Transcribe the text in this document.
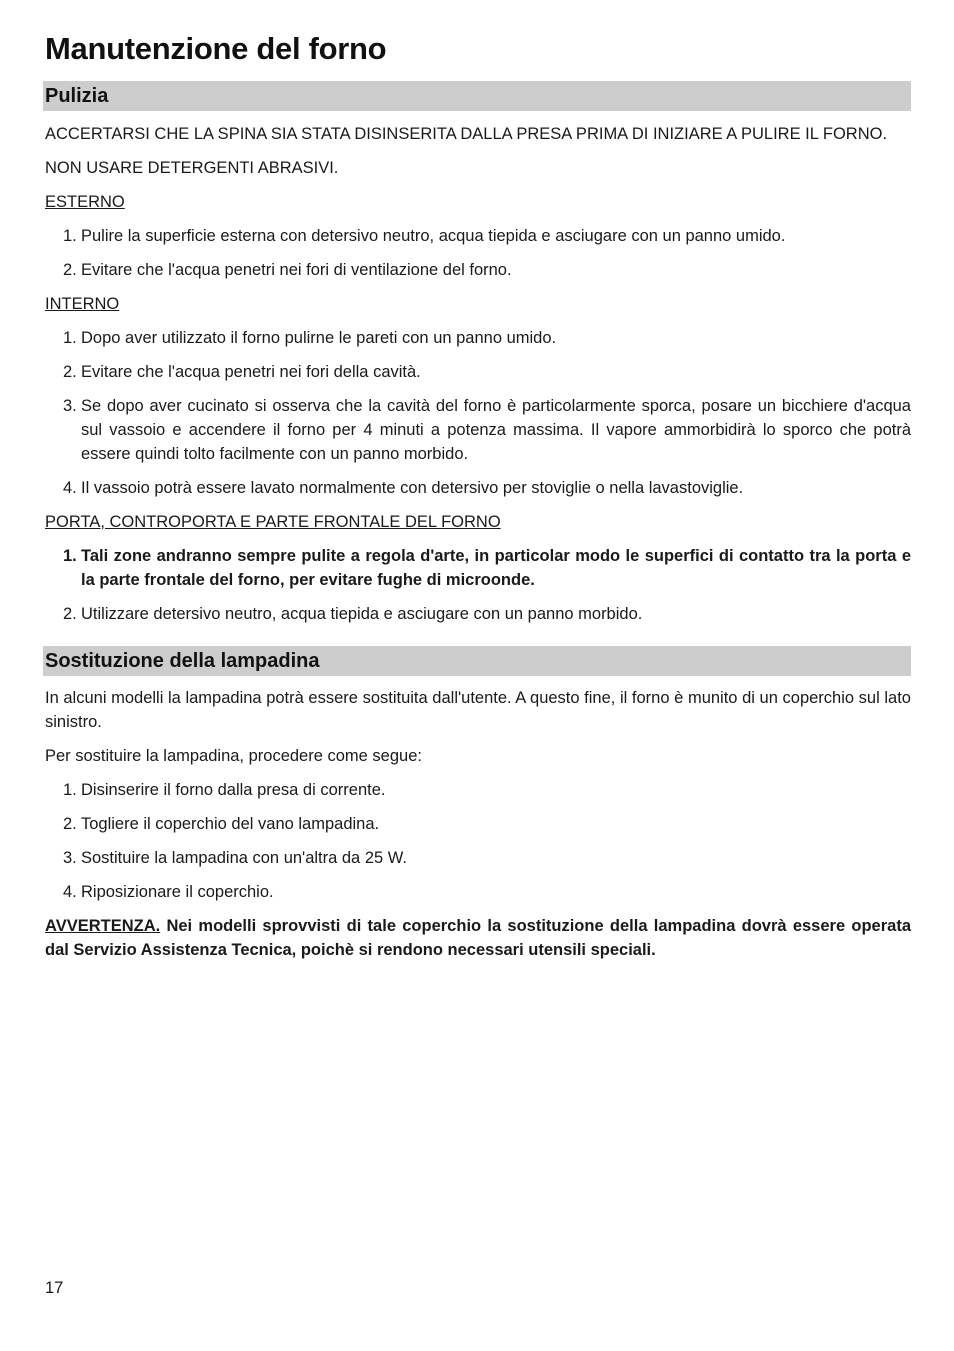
Manutenzione del forno
Pulizia

ACCERTARSI CHE LA SPINA SIA STATA DISINSERITA DALLA PRESA PRIMA DI INIZIARE A PULIRE IL FORNO.

NON USARE DETERGENTI ABRASIVI.

ESTERNO

1. Pulire la superficie esterna con detersivo neutro, acqua tiepida e asciugare con un panno umido.
2. Evitare che l'acqua penetri nei fori di ventilazione del forno.

INTERNO

1. Dopo aver utilizzato il forno pulirne le pareti con un panno umido.
2. Evitare che l'acqua penetri nei fori della cavità.
3. Se dopo aver cucinato si osserva che la cavità del forno è particolarmente sporca, posare un bicchiere d'acqua sul vassoio e accendere il forno per 4 minuti a potenza massima. Il vapore ammorbidirà lo sporco che potrà essere quindi tolto facilmente con un panno morbido.
4. Il vassoio potrà essere lavato normalmente con detersivo per stoviglie o nella lavastoviglie.

PORTA, CONTROPORTA E PARTE FRONTALE DEL FORNO

1. Tali zone andranno sempre pulite a regola d'arte, in particolar modo le superfici di contatto tra la porta e la parte frontale del forno, per evitare fughe di microonde.
2. Utilizzare detersivo neutro, acqua tiepida e asciugare con un panno morbido.
Sostituzione della lampadina

In alcuni modelli la lampadina potrà essere sostituita dall'utente. A questo fine, il forno è munito di un coperchio sul lato sinistro.

Per sostituire la lampadina, procedere come segue:

1. Disinserire il forno dalla presa di corrente.
2. Togliere il coperchio del vano lampadina.
3. Sostituire la lampadina con un'altra da 25 W.
4. Riposizionare il coperchio.

AVVERTENZA. Nei modelli sprovvisti di tale coperchio la sostituzione della lampadina dovrà essere operata dal Servizio Assistenza Tecnica, poichè si rendono necessari utensili speciali.

17
